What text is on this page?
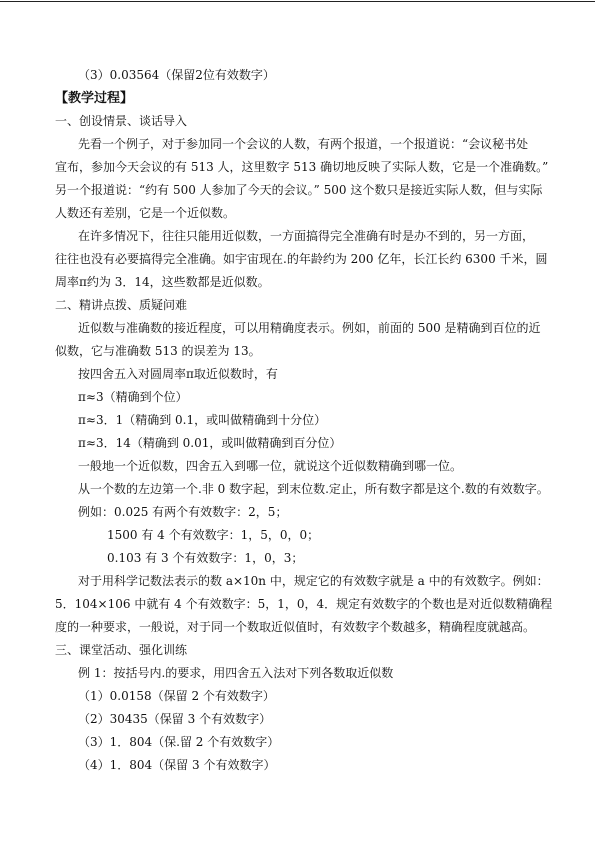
（3）0.03564（保留2位有效数字）
【教学过程】
一、创设情景、谈话导入
先看一个例子，对于参加同一个会议的人数，有两个报道，一个报道说：“会议秘书处
宣布，参加今天会议的有 513 人，这里数字 513 确切地反映了实际人数，它是一个准确数。”
另一个报道说：“约有 500 人参加了今天的会议。” 500 这个数只是接近实际人数，但与实际
人数还有差别，它是一个近似数。
在许多情况下，往往只能用近似数，一方面搞得完全准确有时是办不到的，另一方面，
往往也没有必要搞得完全准确。如宇宙现在.的年龄约为 200 亿年，长江长约 6300 千米，圆
周率π约为 3．14，这些数都是近似数。
二、精讲点拨、质疑问难
近似数与准确数的接近程度，可以用精确度表示。例如，前面的 500 是精确到百位的近
似数，它与准确数 513 的误差为 13。
按四舍五入对圆周率π取近似数时，有
π≈3（精确到个位）
π≈3．1（精确到 0.1，或叫做精确到十分位）
π≈3．14（精确到 0.01，或叫做精确到百分位）
一般地一个近似数，四舍五入到哪一位，就说这个近似数精确到哪一位。
从一个数的左边第一个.非 0 数字起，到末位数.定止，所有数字都是这个.数的有效数字。
例如：0.025 有两个有效数字：2，5；
1500 有 4 个有效数字：1，5，0，0；
0.103 有 3 个有效数字：1，0，3；
对于用科学记数法表示的数 a×10n 中，规定它的有效数字就是 a 中的有效数字。例如：
5．104×106 中就有 4 个有效数字：5，1，0，4．规定有效数字的个数也是对近似数精确程
度的一种要求，一般说，对于同一个数取近似值时，有效数字个数越多，精确程度就越高。
三、课堂活动、强化训练
例 1：按括号内.的要求，用四舍五入法对下列各数取近似数
（1）0.0158（保留 2 个有效数字）
（2）30435（保留 3 个有效数字）
（3）1．804（保.留 2 个有效数字）
（4）1．804（保留 3 个有效数字）
